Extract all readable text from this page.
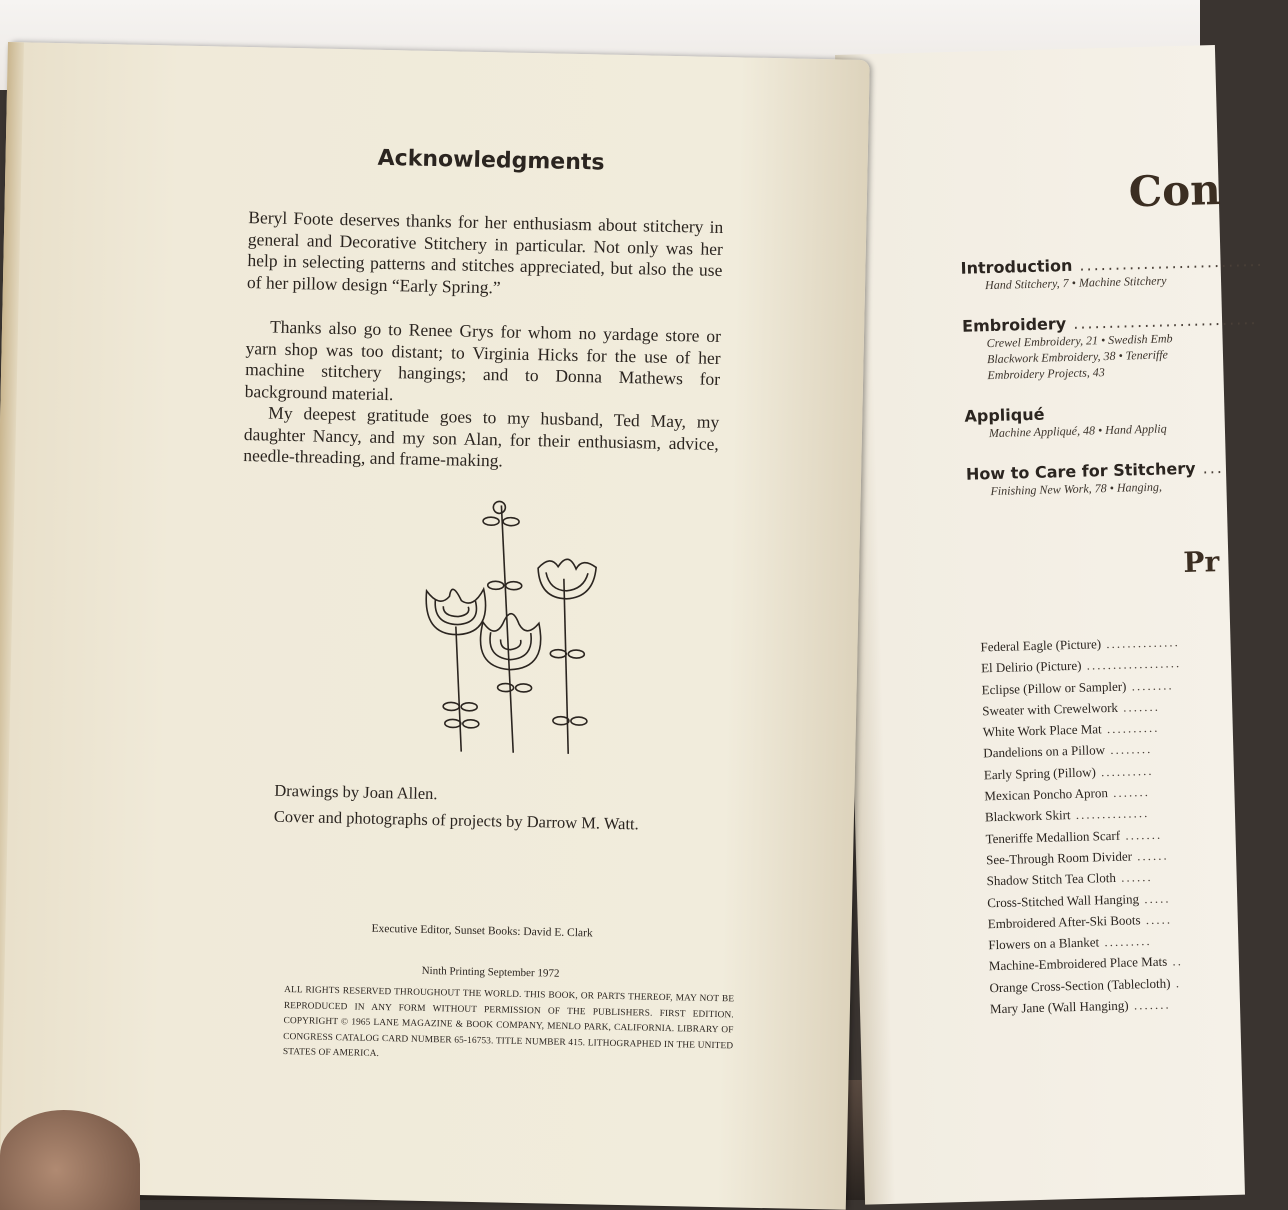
Con
Introduction ..........................
Hand Stitchery, 7 • Machine Stitchery
Embroidery ..........................
Crewel Embroidery, 21 • Swedish Emb
Blackwork Embroidery, 38 • Teneriffe
Embroidery Projects, 43
Appliqué
Machine Appliqué, 48 • Hand Appliq
How to Care for Stitchery ...
Finishing New Work, 78 • Hanging,
Pr
Federal Eagle (Picture) ..............
El Delirio (Picture) ..................
Eclipse (Pillow or Sampler) ........
Sweater with Crewelwork .......
White Work Place Mat ..........
Dandelions on a Pillow ........
Early Spring (Pillow) ..........
Mexican Poncho Apron .......
Blackwork Skirt ..............
Teneriffe Medallion Scarf .......
See-Through Room Divider ......
Shadow Stitch Tea Cloth ......
Cross-Stitched Wall Hanging .....
Embroidered After-Ski Boots .....
Flowers on a Blanket .........
Machine-Embroidered Place Mats ..
Orange Cross-Section (Tablecloth) .
Mary Jane (Wall Hanging) .......
​
Acknowledgments

Beryl Foote deserves thanks for her enthusiasm about stitchery in general and Decorative Stitchery in particular. Not only was her help in selecting patterns and stitches appreciated, but also the use of her pillow design “Early Spring.”

Thanks also go to Renee Grys for whom no yardage store or yarn shop was too distant; to Virginia Hicks for the use of her machine stitchery hangings; and to Donna Mathews for background material.

My deepest gratitude goes to my husband, Ted May, my daughter Nancy, and my son Alan, for their enthusiasm, advice, needle-threading, and frame-making.

Drawings by Joan Allen.
Cover and photographs of projects by Darrow M. Watt.
Executive Editor, Sunset Books: David E. Clark
Ninth Printing September 1972
ALL RIGHTS RESERVED THROUGHOUT THE WORLD. THIS BOOK, OR PARTS THEREOF, MAY NOT BE REPRODUCED IN ANY FORM WITHOUT PERMISSION OF THE PUBLISHERS. FIRST EDITION. COPYRIGHT © 1965 LANE MAGAZINE & BOOK COMPANY, MENLO PARK, CALIFORNIA. LIBRARY OF CONGRESS CATALOG CARD NUMBER 65-16753. TITLE NUMBER 415. LITHOGRAPHED IN THE UNITED STATES OF AMERICA.
